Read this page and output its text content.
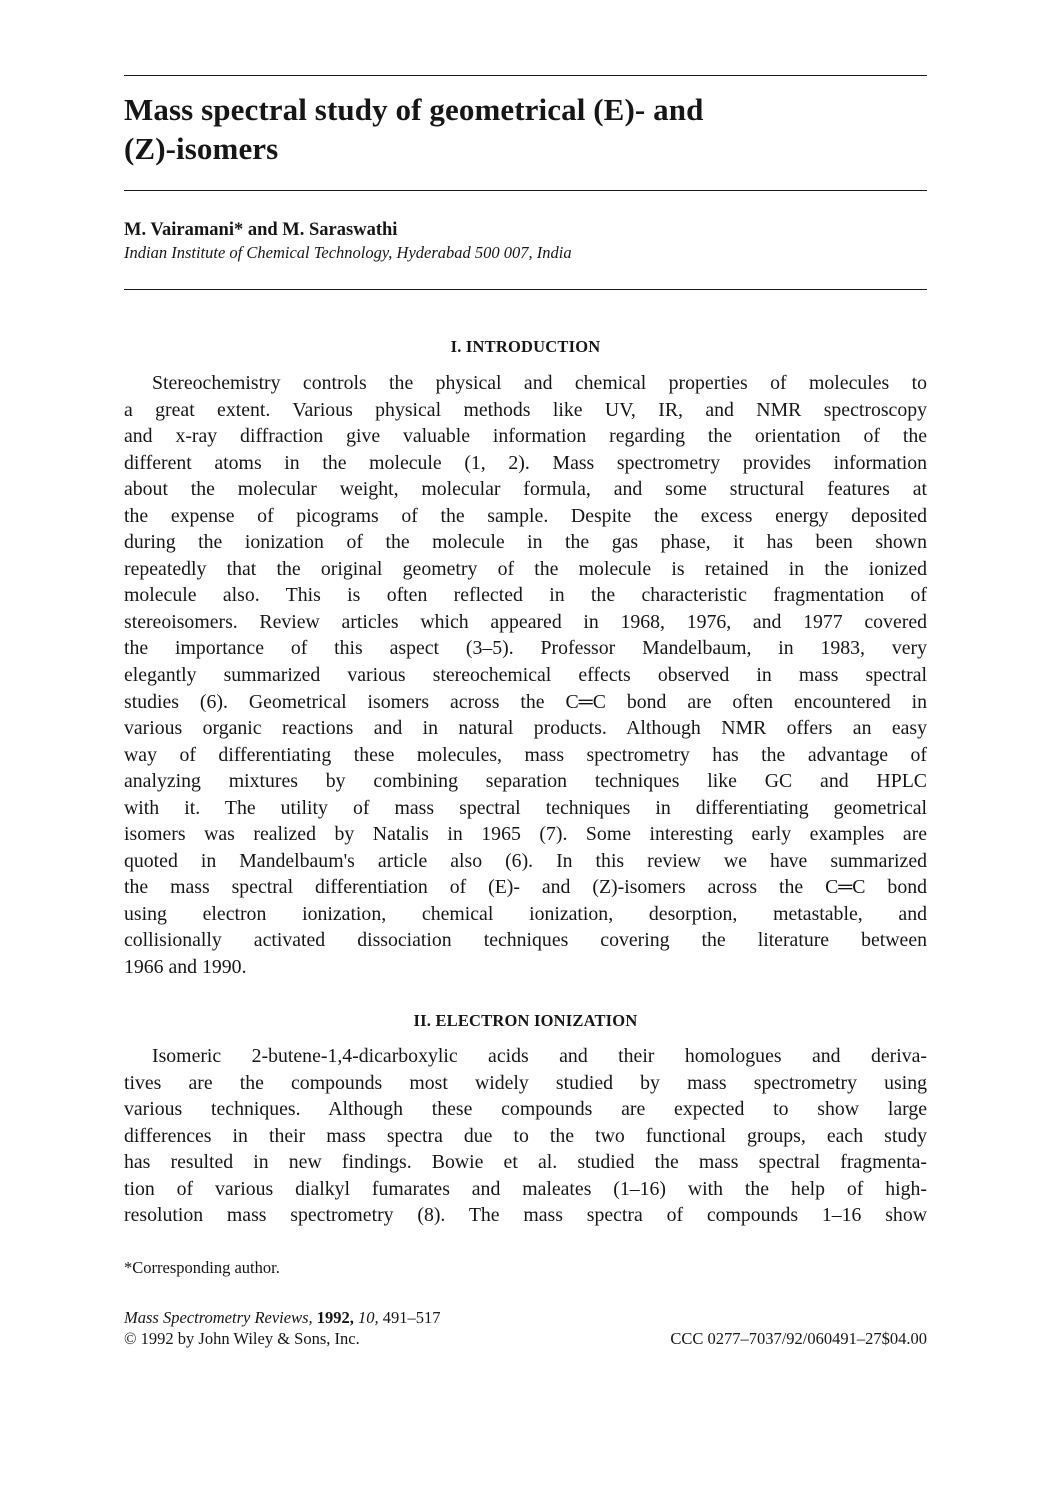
Mass spectral study of geometrical (E)- and
(Z)-isomers

M. Vairamani* and M. Saraswathi

Indian Institute of Chemical Technology, Hyderabad 500 007, India

I. INTRODUCTION
Stereochemistry controls the physical and chemical properties of molecules to
a great extent. Various physical methods like UV, IR, and NMR spectroscopy
and x-ray diffraction give valuable information regarding the orientation of the
different atoms in the molecule (1, 2). Mass spectrometry provides information
about the molecular weight, molecular formula, and some structural features at
the expense of picograms of the sample. Despite the excess energy deposited
during the ionization of the molecule in the gas phase, it has been shown
repeatedly that the original geometry of the molecule is retained in the ionized
molecule also. This is often reflected in the characteristic fragmentation of
stereoisomers. Review articles which appeared in 1968, 1976, and 1977 covered
the importance of this aspect (3–5). Professor Mandelbaum, in 1983, very
elegantly summarized various stereochemical effects observed in mass spectral
studies (6). Geometrical isomers across the C═C bond are often encountered in
various organic reactions and in natural products. Although NMR offers an easy
way of differentiating these molecules, mass spectrometry has the advantage of
analyzing mixtures by combining separation techniques like GC and HPLC
with it. The utility of mass spectral techniques in differentiating geometrical
isomers was realized by Natalis in 1965 (7). Some interesting early examples are
quoted in Mandelbaum's article also (6). In this review we have summarized
the mass spectral differentiation of (E)- and (Z)-isomers across the C═C bond
using electron ionization, chemical ionization, desorption, metastable, and
collisionally activated dissociation techniques covering the literature between
1966 and 1990.
II. ELECTRON IONIZATION
Isomeric 2-butene-1,4-dicarboxylic acids and their homologues and deriva-
tives are the compounds most widely studied by mass spectrometry using
various techniques. Although these compounds are expected to show large
differences in their mass spectra due to the two functional groups, each study
has resulted in new findings. Bowie et al. studied the mass spectral fragmenta-
tion of various dialkyl fumarates and maleates (1–16) with the help of high-
resolution mass spectrometry (8). The mass spectra of compounds 1–16 show

*Corresponding author.

Mass Spectrometry Reviews, 1992, 10, 491–517

© 1992 by John Wiley & Sons, Inc.	CCC 0277–7037/92/060491–27$04.00
